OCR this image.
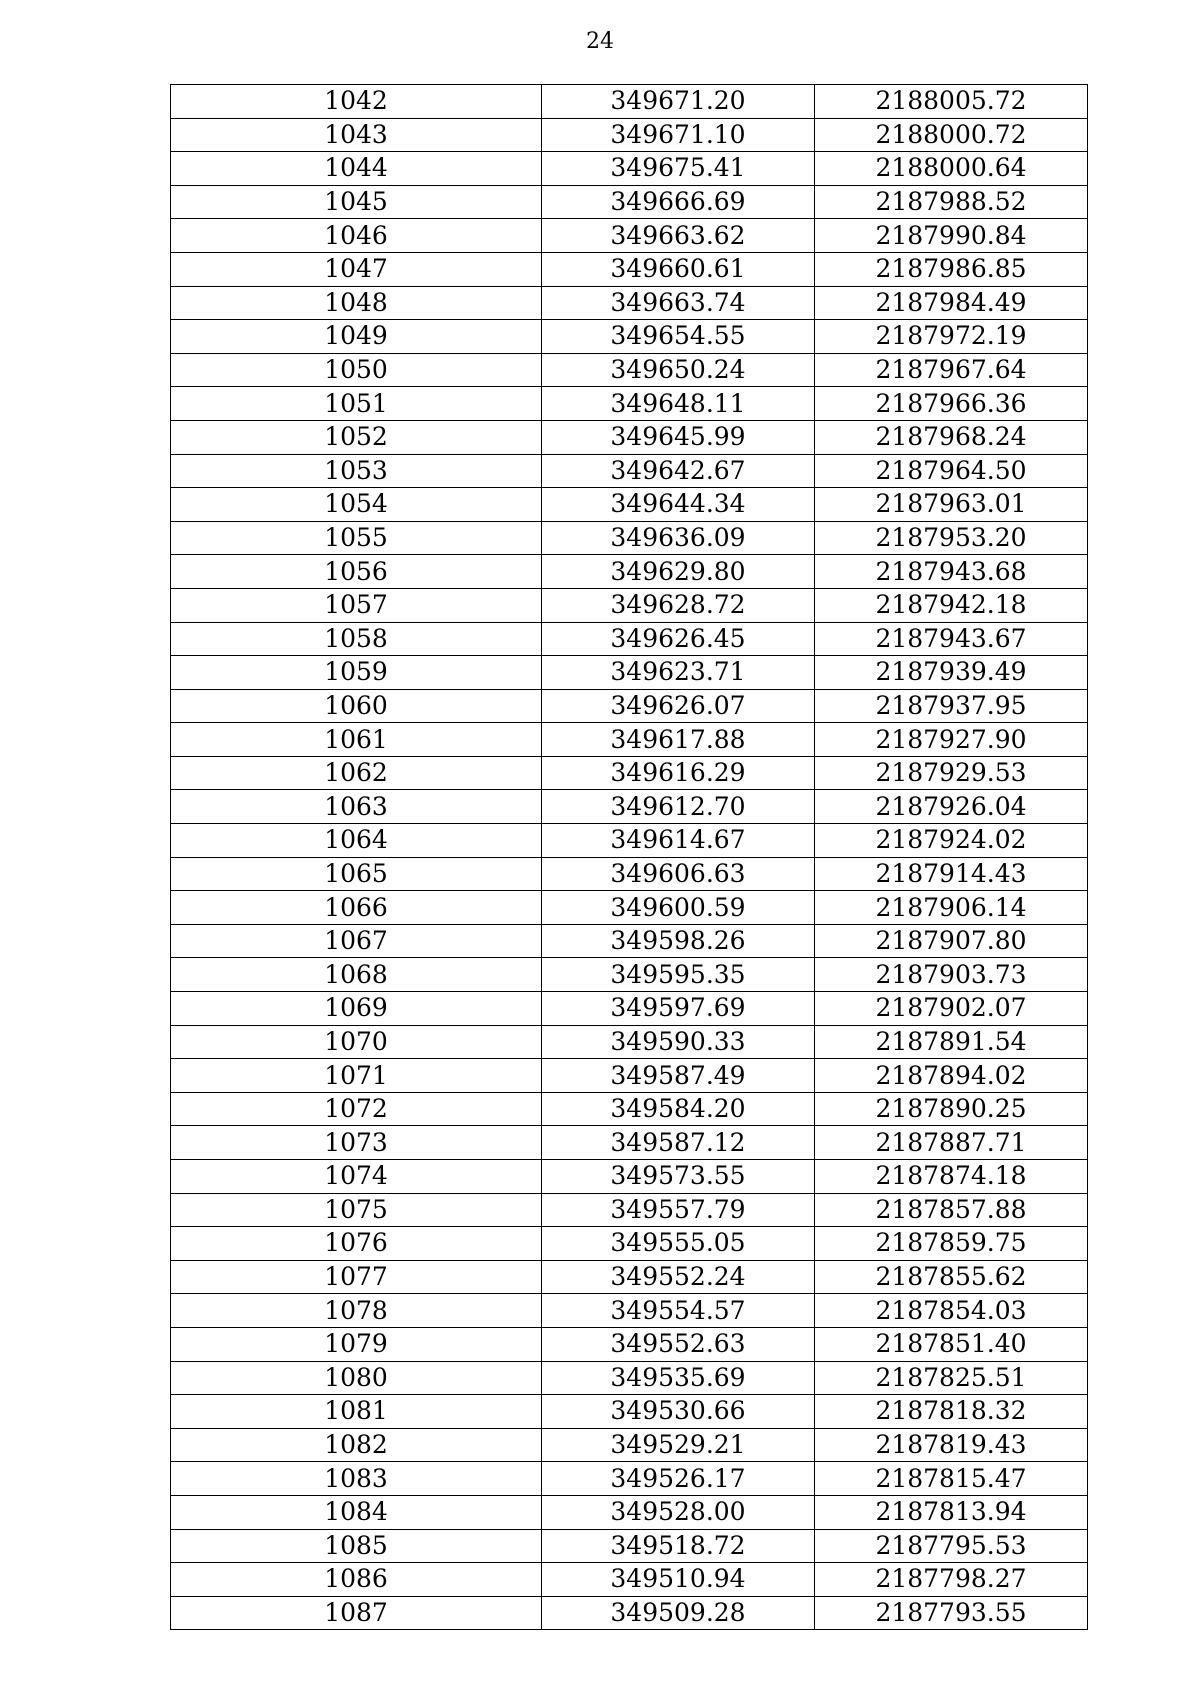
24
1042	349671.20	2188005.72
1043	349671.10	2188000.72
1044	349675.41	2188000.64
1045	349666.69	2187988.52
1046	349663.62	2187990.84
1047	349660.61	2187986.85
1048	349663.74	2187984.49
1049	349654.55	2187972.19
1050	349650.24	2187967.64
1051	349648.11	2187966.36
1052	349645.99	2187968.24
1053	349642.67	2187964.50
1054	349644.34	2187963.01
1055	349636.09	2187953.20
1056	349629.80	2187943.68
1057	349628.72	2187942.18
1058	349626.45	2187943.67
1059	349623.71	2187939.49
1060	349626.07	2187937.95
1061	349617.88	2187927.90
1062	349616.29	2187929.53
1063	349612.70	2187926.04
1064	349614.67	2187924.02
1065	349606.63	2187914.43
1066	349600.59	2187906.14
1067	349598.26	2187907.80
1068	349595.35	2187903.73
1069	349597.69	2187902.07
1070	349590.33	2187891.54
1071	349587.49	2187894.02
1072	349584.20	2187890.25
1073	349587.12	2187887.71
1074	349573.55	2187874.18
1075	349557.79	2187857.88
1076	349555.05	2187859.75
1077	349552.24	2187855.62
1078	349554.57	2187854.03
1079	349552.63	2187851.40
1080	349535.69	2187825.51
1081	349530.66	2187818.32
1082	349529.21	2187819.43
1083	349526.17	2187815.47
1084	349528.00	2187813.94
1085	349518.72	2187795.53
1086	349510.94	2187798.27
1087	349509.28	2187793.55
